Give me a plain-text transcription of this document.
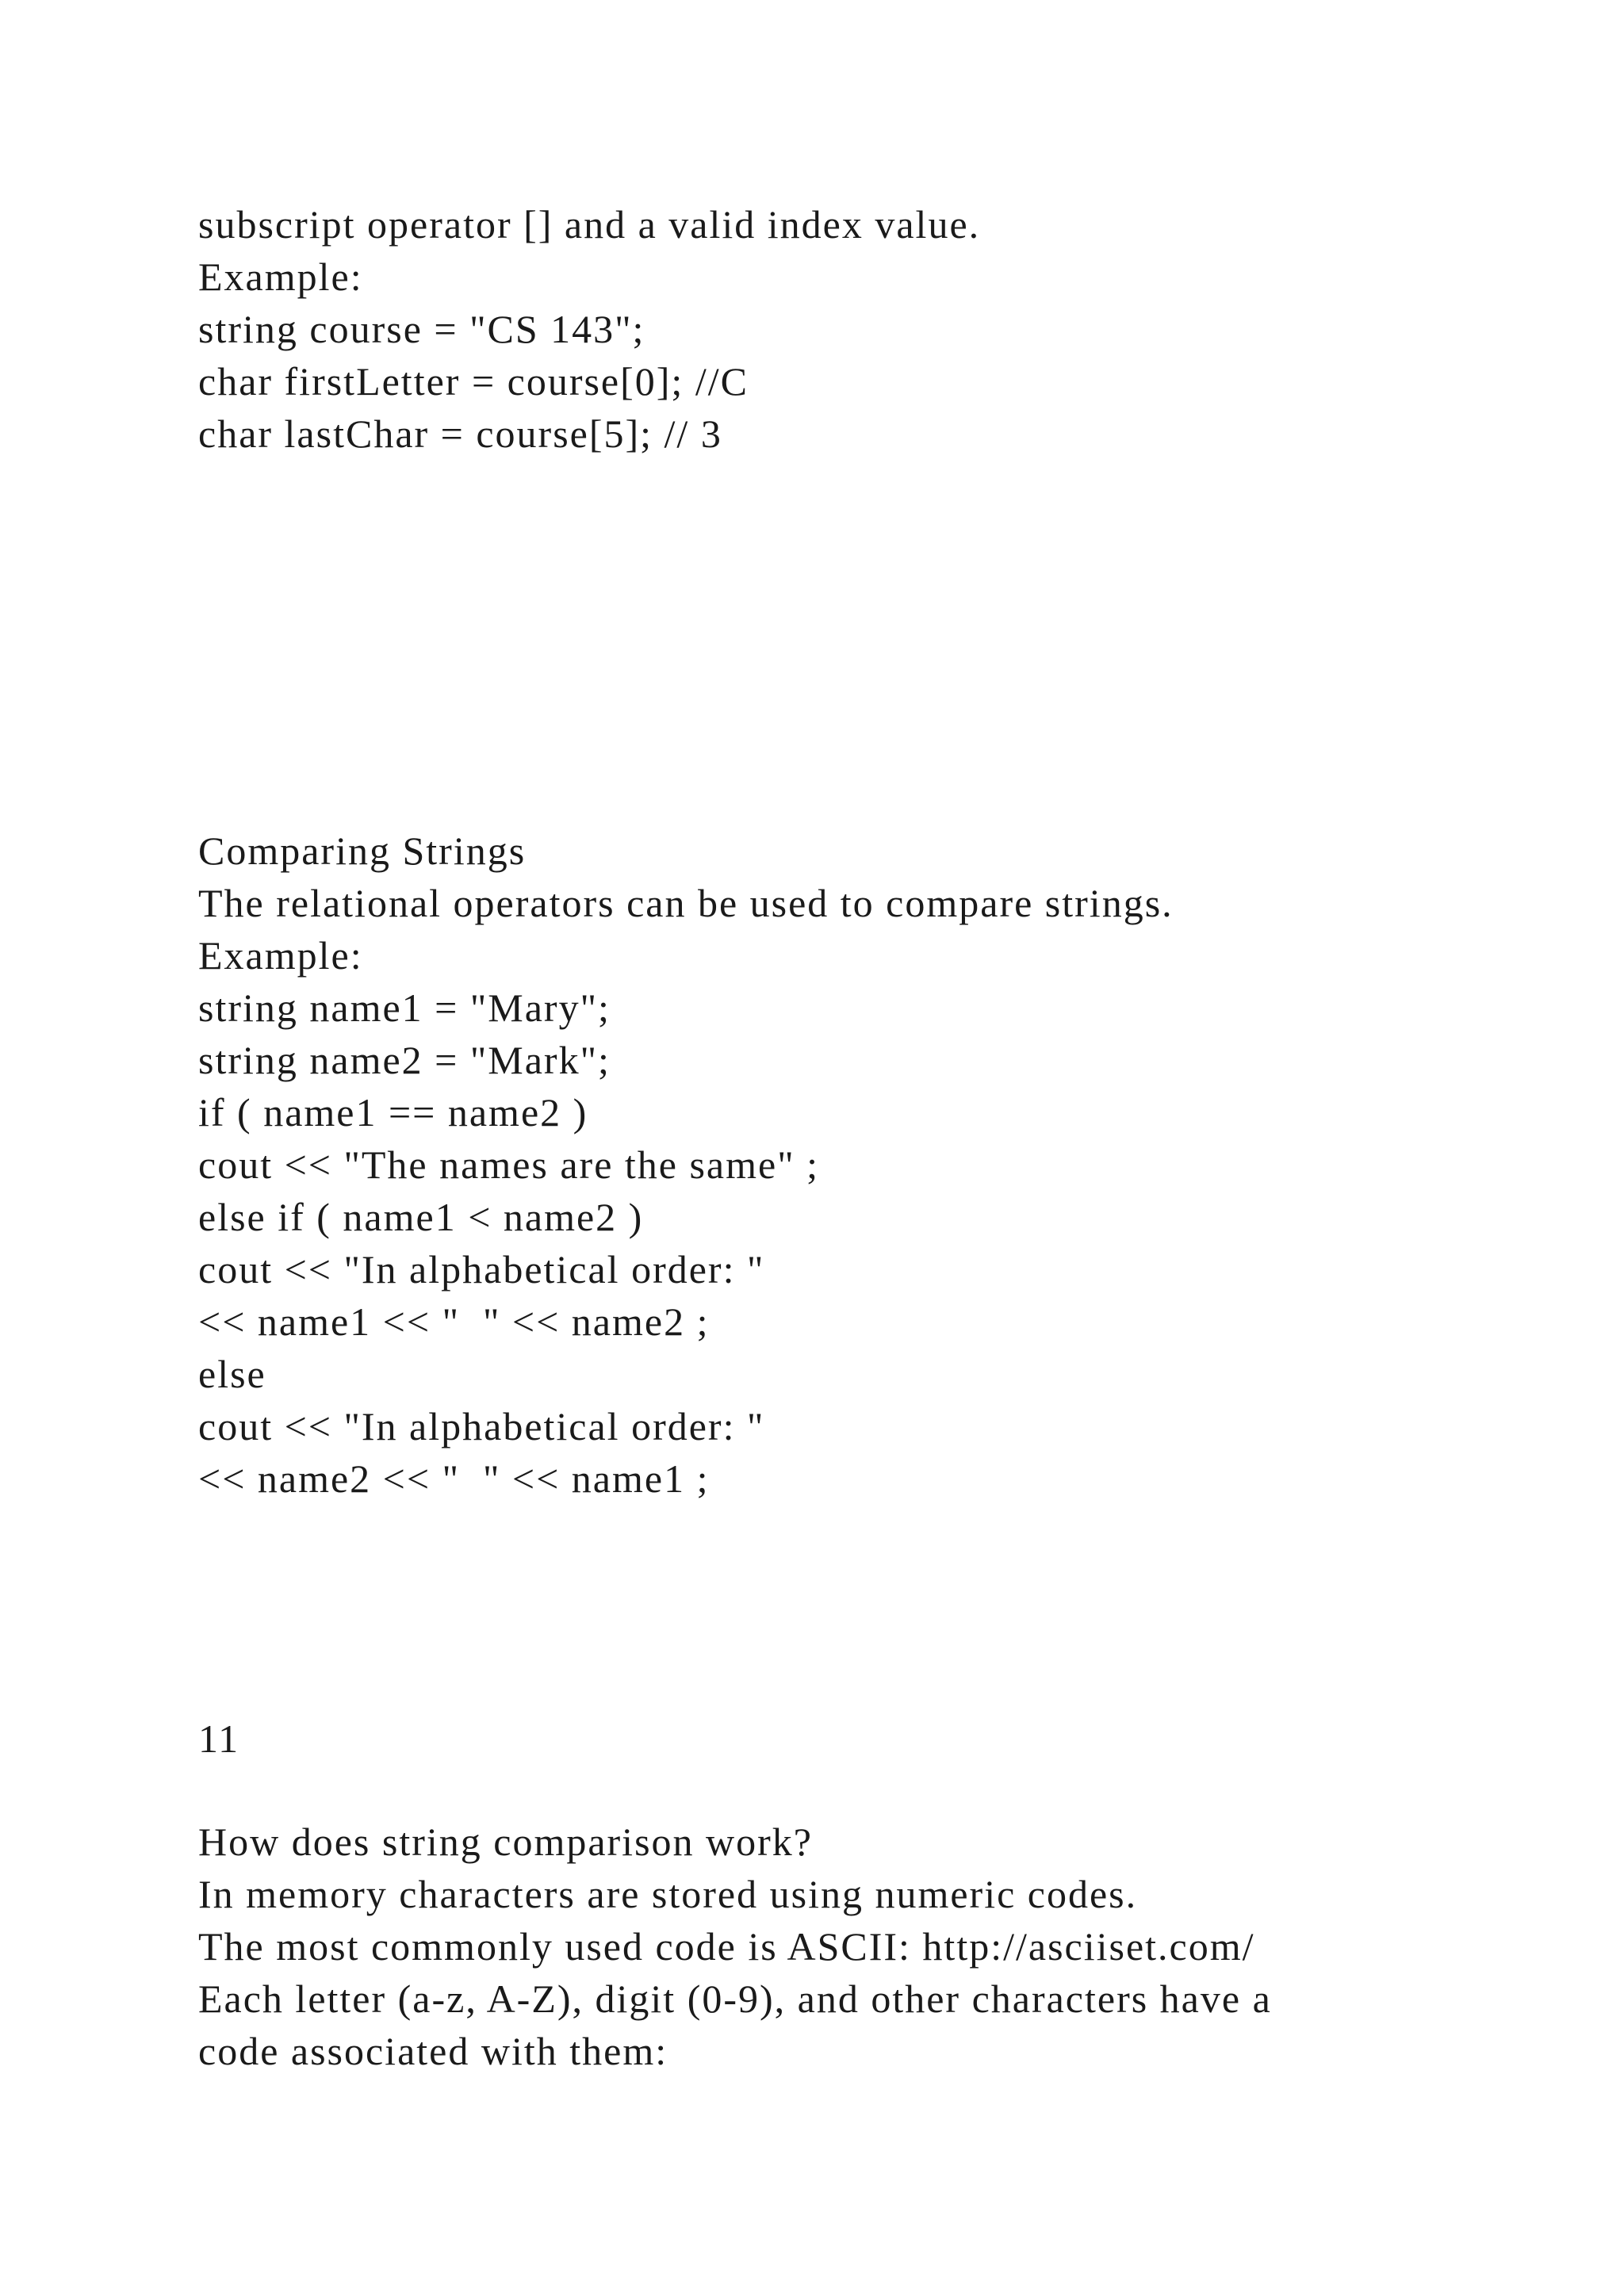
subscript operator [] and a valid index value.

Example:

string course = "CS 143";

char firstLetter = course[0]; //C

char lastChar = course[5]; // 3

Comparing Strings

The relational operators can be used to compare strings.

Example:

string name1 = "Mary";

string name2 = "Mark";

if ( name1 == name2 )

cout << "The names are the same" ;

else if ( name1 < name2 )

cout << "In alphabetical order: "

<< name1 << "  " << name2 ;

else

cout << "In alphabetical order: "

<< name2 << "  " << name1 ;

11

How does string comparison work?

In memory characters are stored using numeric codes.

The most commonly used code is ASCII: http://asciiset.com/

Each letter (a-z, A-Z), digit (0-9), and other characters have a

code associated with them:
